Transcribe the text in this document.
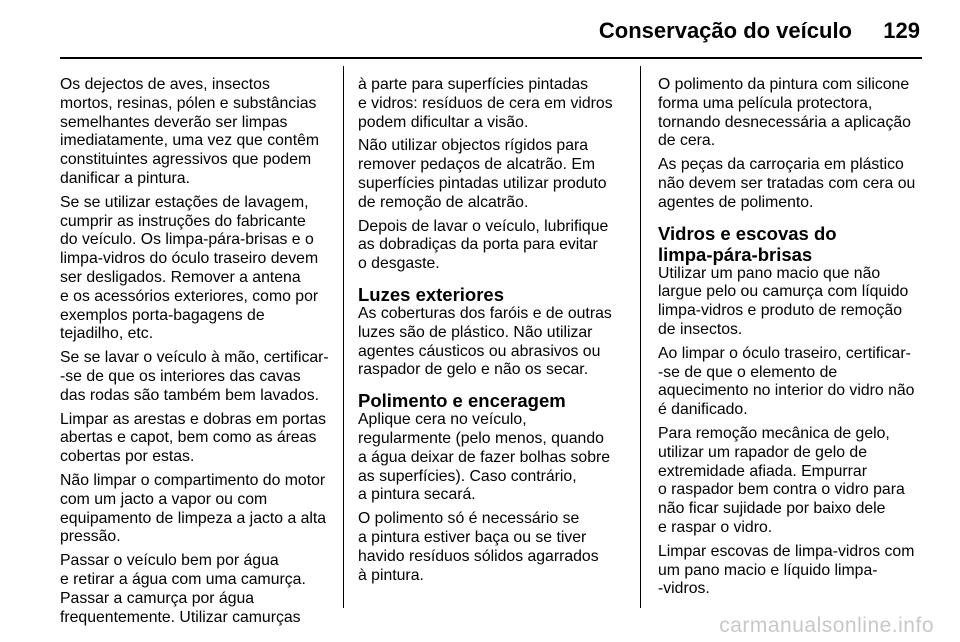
Conservação do veículo 129

Os dejectos de aves, insectos
mortos, resinas, pólen e substâncias
semelhantes deverão ser limpas
imediatamente, uma vez que contêm
constituintes agressivos que podem
danificar a pintura.

Se se utilizar estações de lavagem,
cumprir as instruções do fabricante
do veículo. Os limpa-pára-brisas e o
limpa-vidros do óculo traseiro devem
ser desligados. Remover a antena
e os acessórios exteriores, como por
exemplos porta-bagagens de
tejadilho, etc.

Se se lavar o veículo à mão, certificar-
-se de que os interiores das cavas
das rodas são também bem lavados.

Limpar as arestas e dobras em portas
abertas e capot, bem como as áreas
cobertas por estas.

Não limpar o compartimento do motor
com um jacto a vapor ou com
equipamento de limpeza a jacto a alta
pressão.

Passar o veículo bem por água
e retirar a água com uma camurça.
Passar a camurça por água
frequentemente. Utilizar camurças

à parte para superfícies pintadas
e vidros: resíduos de cera em vidros
podem dificultar a visão.

Não utilizar objectos rígidos para
remover pedaços de alcatrão. Em
superfícies pintadas utilizar produto
de remoção de alcatrão.

Depois de lavar o veículo, lubrifique
as dobradiças da porta para evitar
o desgaste.

Luzes exteriores

As coberturas dos faróis e de outras
luzes são de plástico. Não utilizar
agentes cáusticos ou abrasivos ou
raspador de gelo e não os secar.

Polimento e enceragem

Aplique cera no veículo,
regularmente (pelo menos, quando
a água deixar de fazer bolhas sobre
as superfícies). Caso contrário,
a pintura secará.

O polimento só é necessário se
a pintura estiver baça ou se tiver
havido resíduos sólidos agarrados
à pintura.

O polimento da pintura com silicone
forma uma película protectora,
tornando desnecessária a aplicação
de cera.

As peças da carroçaria em plástico
não devem ser tratadas com cera ou
agentes de polimento.

Vidros e escovas do
limpa-pára-brisas

Utilizar um pano macio que não
largue pelo ou camurça com líquido
limpa-vidros e produto de remoção
de insectos.

Ao limpar o óculo traseiro, certificar-
-se de que o elemento de
aquecimento no interior do vidro não
é danificado.

Para remoção mecânica de gelo,
utilizar um rapador de gelo de
extremidade afiada. Empurrar
o raspador bem contra o vidro para
não ficar sujidade por baixo dele
e raspar o vidro.

Limpar escovas de limpa-vidros com
um pano macio e líquido limpa-
-vidros.

carmanualsonline.info
